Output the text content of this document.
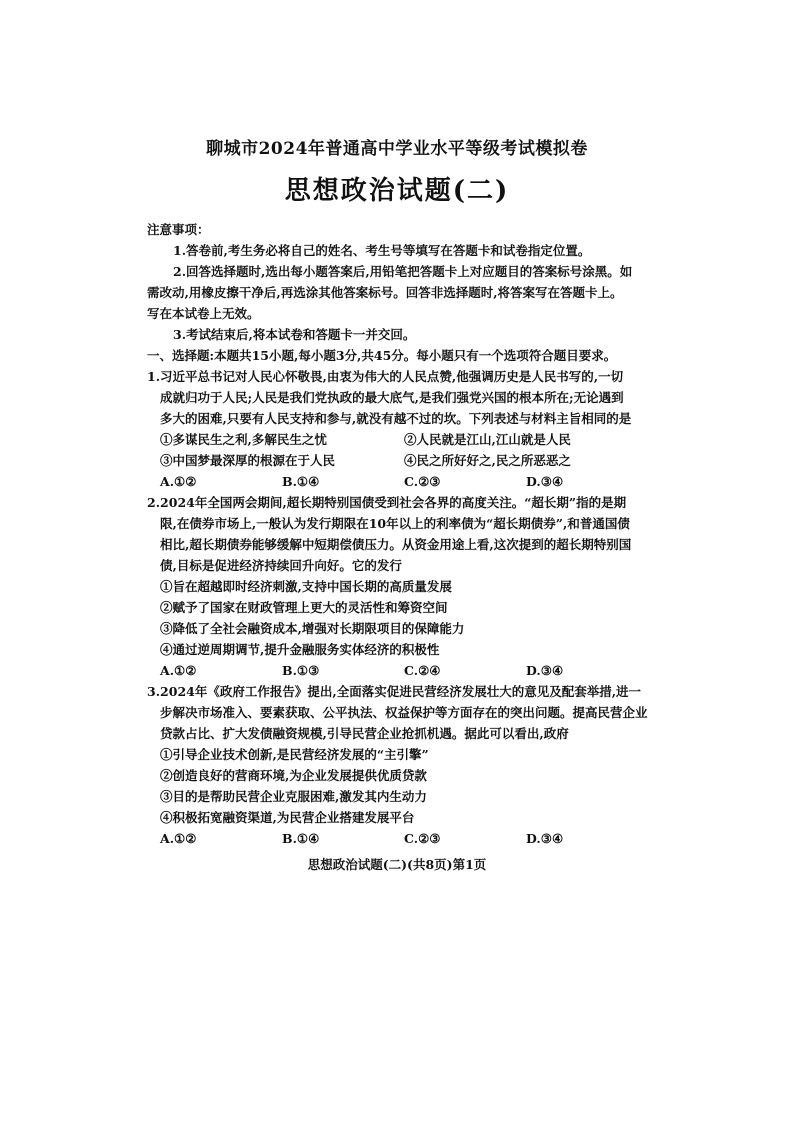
聊城市2024年普通高中学业水平等级考试模拟卷
思想政治试题(二)
注意事项：
1.答卷前,考生务必将自己的姓名、考生号等填写在答题卡和试卷指定位置。
2.回答选择题时,选出每小题答案后,用铅笔把答题卡上对应题目的答案标号涂黑。如
需改动,用橡皮擦干净后,再选涂其他答案标号。回答非选择题时,将答案写在答题卡上。
写在本试卷上无效。
3.考试结束后,将本试卷和答题卡一并交回。
一、选择题:本题共15小题,每小题3分,共45分。每小题只有一个选项符合题目要求。
1.习近平总书记对人民心怀敬畏,由衷为伟大的人民点赞,他强调历史是人民书写的,一切
成就归功于人民;人民是我们党执政的最大底气,是我们强党兴国的根本所在;无论遇到
多大的困难,只要有人民支持和参与,就没有越不过的坎。下列表述与材料主旨相同的是
①多谋民生之利,多解民生之忧	②人民就是江山,江山就是人民
③中国梦最深厚的根源在于人民	④民之所好好之,民之所恶恶之
A.①②	B.①④	C.②③	D.③④
2.2024年全国两会期间,超长期特别国债受到社会各界的高度关注。“超长期”指的是期
限,在债券市场上,一般认为发行期限在10年以上的利率债为“超长期债券”,和普通国债
相比,超长期债券能够缓解中短期偿债压力。从资金用途上看,这次提到的超长期特别国
债,目标是促进经济持续回升向好。它的发行
①旨在超越即时经济刺激,支持中国长期的高质量发展
②赋予了国家在财政管理上更大的灵活性和筹资空间
③降低了全社会融资成本,增强对长期限项目的保障能力
④通过逆周期调节,提升金融服务实体经济的积极性
A.①②	B.①③	C.②④	D.③④
3.2024年《政府工作报告》提出,全面落实促进民营经济发展壮大的意见及配套举措,进一
步解决市场准入、要素获取、公平执法、权益保护等方面存在的突出问题。提高民营企业
贷款占比、扩大发债融资规模,引导民营企业抢抓机遇。据此可以看出,政府
①引导企业技术创新,是民营经济发展的“主引擎”
②创造良好的营商环境,为企业发展提供优质贷款
③目的是帮助民营企业克服困难,激发其内生动力
④积极拓宽融资渠道,为民营企业搭建发展平台
A.①②	B.①④	C.②③	D.③④
思想政治试题(二)(共8页)第1页
